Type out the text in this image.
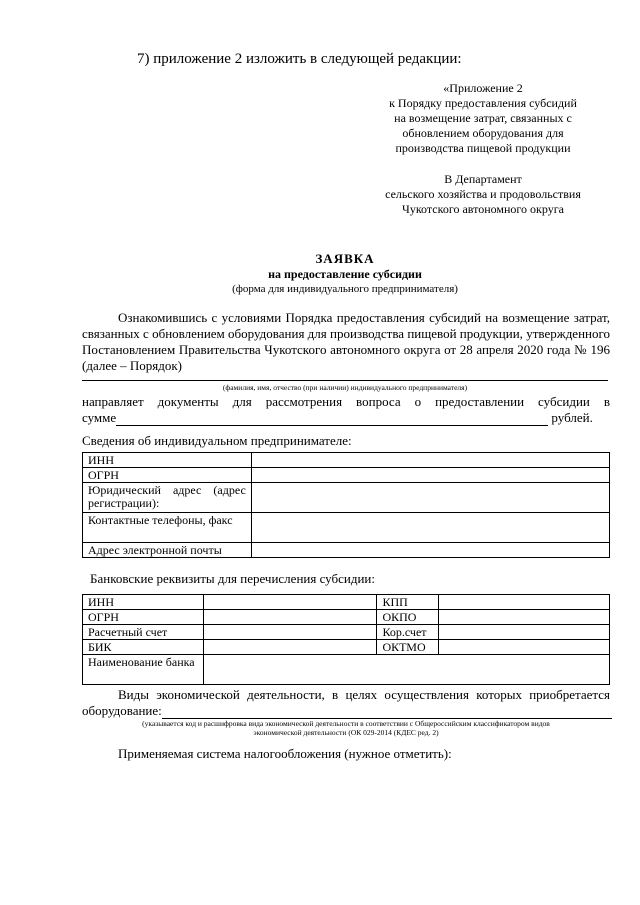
7) приложение 2 изложить в следующей редакции:
«Приложение 2
к Порядку предоставления субсидий
на возмещение затрат, связанных с
обновлением оборудования для
производства пищевой продукции
В Департамент
сельского хозяйства и продовольствия
Чукотского автономного округа
ЗАЯВКА
на предоставление субсидии
(форма для индивидуального предпринимателя)
Ознакомившись с условиями Порядка предоставления субсидий на возмещение затрат, связанных с обновлением оборудования для производства пищевой продукции, утвержденного Постановлением Правительства Чукотского автономного округа от 28 апреля 2020 года № 196 (далее – Порядок)
(фамилия, имя, отчество (при наличии) индивидуального предпринимателя)
направляет документы для рассмотрения вопроса о предоставлении субсидии в
сумме	рублей.
Сведения об индивидуальном предпринимателе:
ИНН	
ОГРН	
Юридический адрес (адрес регистрации):	
Контактные телефоны, факс	
Адрес электронной почты	
Банковские реквизиты для перечисления субсидии:
ИНН		КПП	
ОГРН		ОКПО	
Расчетный счет		Кор.счет	
БИК		ОКТМО	
Наименование банка			
Виды экономической деятельности, в целях осуществления которых приобретается
оборудование:
(указывается код и расшифровка вида экономической деятельности в соответствии с Общероссийским классификатором видов
экономической деятельности (ОК 029-2014 (КДЕС ред. 2)
Применяемая система налогообложения (нужное отметить):
